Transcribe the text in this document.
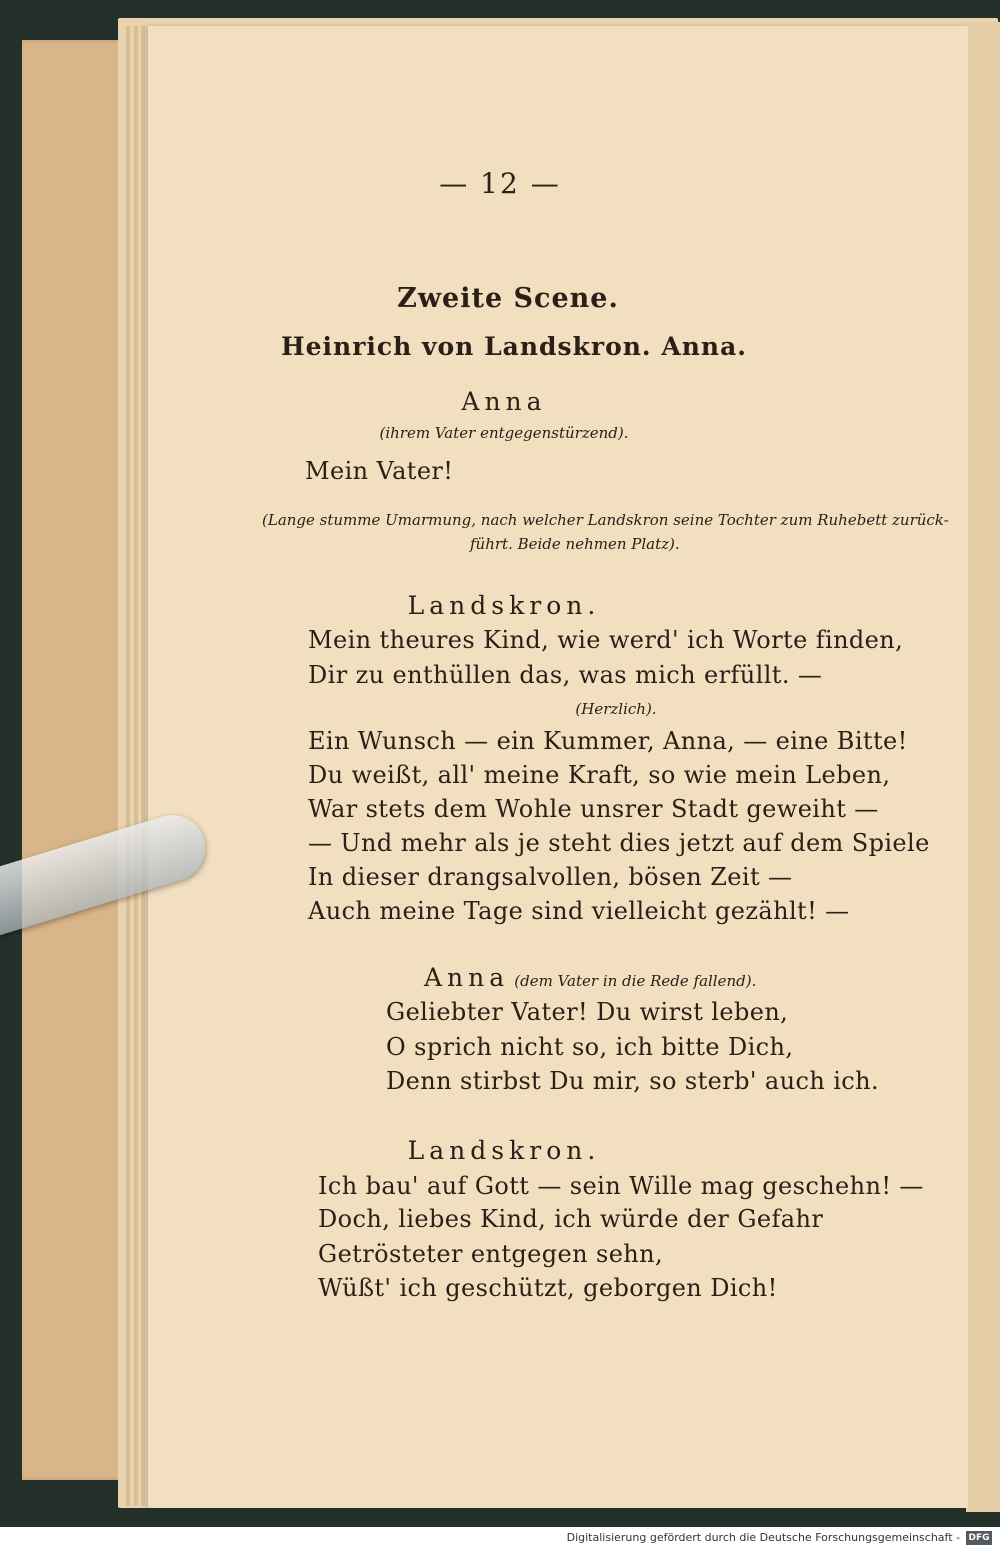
— 12 —

Zweite Scene.

Heinrich von Landskron. Anna.

Anna

(ihrem Vater entgegenstürzend).

Mein Vater!

(Lange stumme Umarmung, nach welcher Landskron seine Tochter zum Ruhebett zurück-

führt. Beide nehmen Platz).

Landskron.

Mein theures Kind, wie werd' ich Worte finden,

Dir zu enthüllen das, was mich erfüllt. —

(Herzlich).

Ein Wunsch — ein Kummer, Anna, — eine Bitte!

Du weißt, all' meine Kraft, so wie mein Leben,

War stets dem Wohle unsrer Stadt geweiht —

— Und mehr als je steht dies jetzt auf dem Spiele

In dieser drangsalvollen, bösen Zeit —

Auch meine Tage sind vielleicht gezählt! —

Anna (dem Vater in die Rede fallend).

Geliebter Vater! Du wirst leben,

O sprich nicht so, ich bitte Dich,

Denn stirbst Du mir, so sterb' auch ich.

Landskron.

Ich bau' auf Gott — sein Wille mag geschehn! —

Doch, liebes Kind, ich würde der Gefahr

Getrösteter entgegen sehn,

Wüßt' ich geschützt, geborgen Dich!

Digitalisierung gefördert durch die Deutsche Forschungsgemeinschaft - DFG
